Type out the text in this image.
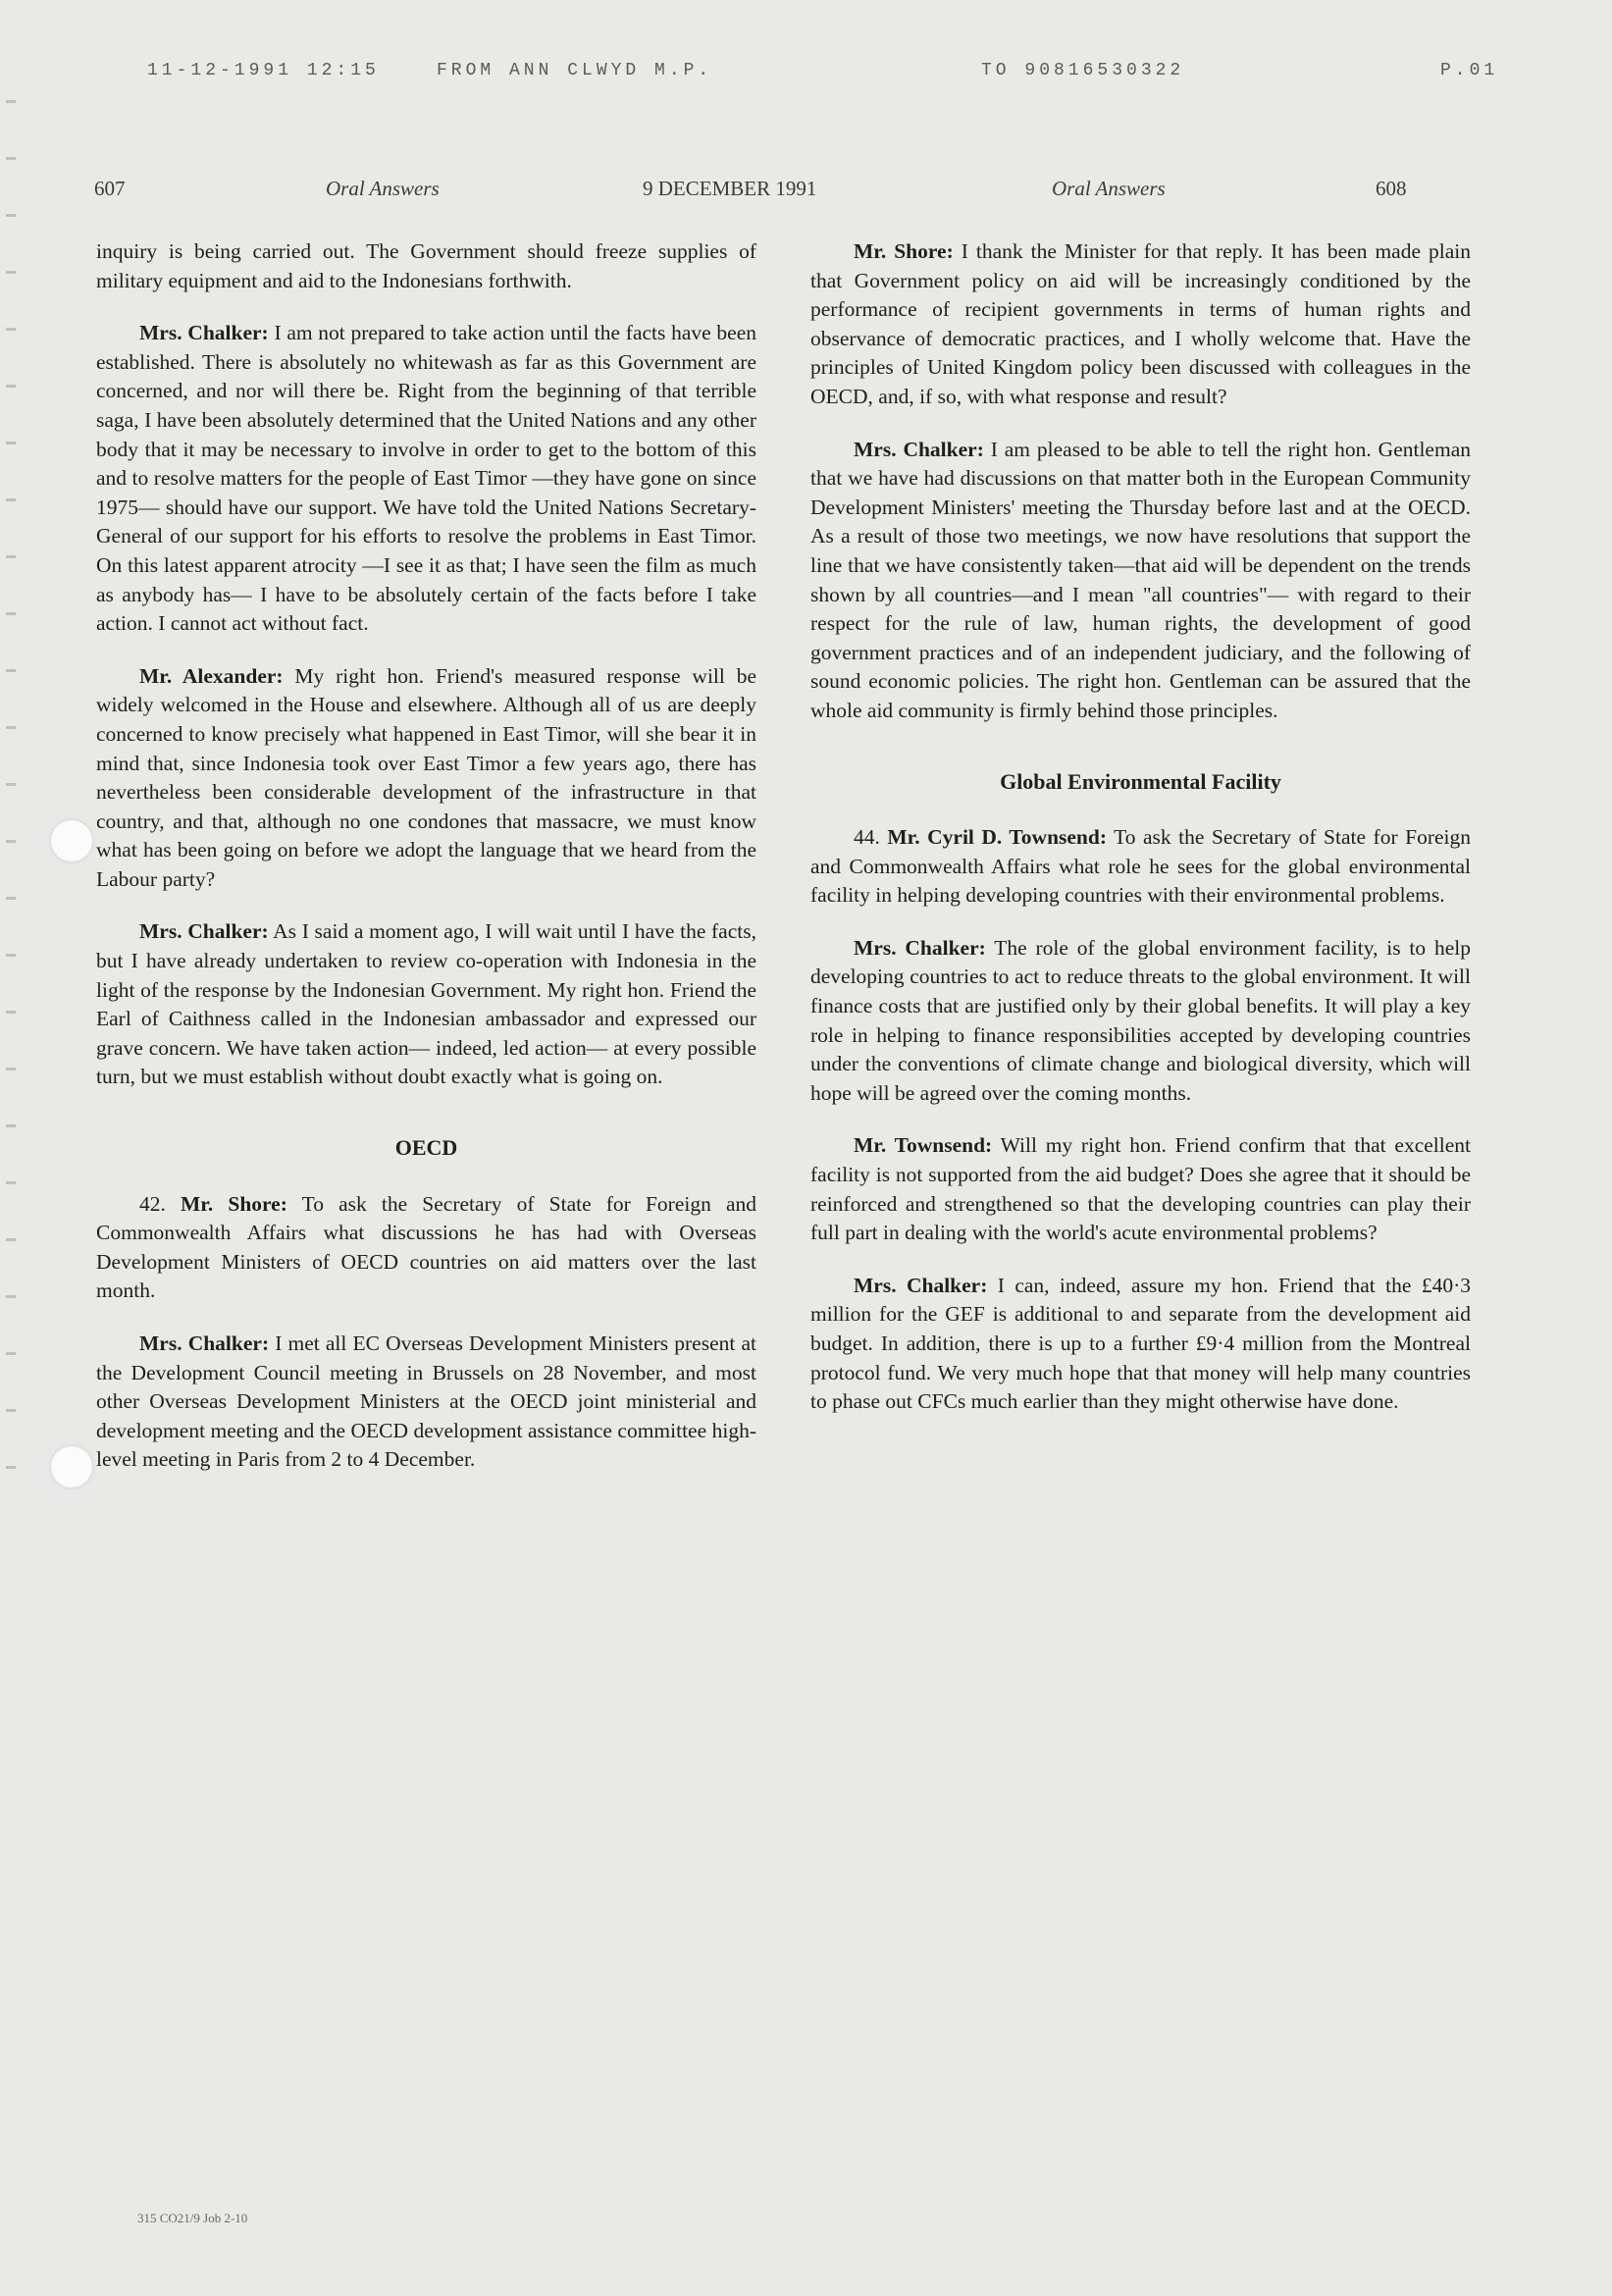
11-12-1991 12:15	FROM ANN CLWYD M.P.	TO 90816530322	P.01
607	Oral Answers	9 DECEMBER 1991	Oral Answers	608

inquiry is being carried out. The Government should freeze supplies of military equipment and aid to the Indonesians forthwith.

Mrs. Chalker: I am not prepared to take action until the facts have been established. There is absolutely no whitewash as far as this Government are concerned, and nor will there be. Right from the beginning of that terrible saga, I have been absolutely determined that the United Nations and any other body that it may be necessary to involve in order to get to the bottom of this and to resolve matters for the people of East Timor —they have gone on since 1975— should have our support. We have told the United Nations Secretary-General of our support for his efforts to resolve the problems in East Timor. On this latest apparent atrocity —I see it as that; I have seen the film as much as anybody has— I have to be absolutely certain of the facts before I take action. I cannot act without fact.

Mr. Alexander: My right hon. Friend's measured response will be widely welcomed in the House and elsewhere. Although all of us are deeply concerned to know precisely what happened in East Timor, will she bear it in mind that, since Indonesia took over East Timor a few years ago, there has nevertheless been considerable development of the infrastructure in that country, and that, although no one condones that massacre, we must know what has been going on before we adopt the language that we heard from the Labour party?

Mrs. Chalker: As I said a moment ago, I will wait until I have the facts, but I have already undertaken to review co-operation with Indonesia in the light of the response by the Indonesian Government. My right hon. Friend the Earl of Caithness called in the Indonesian ambassador and expressed our grave concern. We have taken action— indeed, led action— at every possible turn, but we must establish without doubt exactly what is going on.

OECD

42. Mr. Shore: To ask the Secretary of State for Foreign and Commonwealth Affairs what discussions he has had with Overseas Development Ministers of OECD countries on aid matters over the last month.

Mrs. Chalker: I met all EC Overseas Development Ministers present at the Development Council meeting in Brussels on 28 November, and most other Overseas Development Ministers at the OECD joint ministerial and development meeting and the OECD development assistance committee high-level meeting in Paris from 2 to 4 December.

Mr. Shore: I thank the Minister for that reply. It has been made plain that Government policy on aid will be increasingly conditioned by the performance of recipient governments in terms of human rights and observance of democratic practices, and I wholly welcome that. Have the principles of United Kingdom policy been discussed with colleagues in the OECD, and, if so, with what response and result?

Mrs. Chalker: I am pleased to be able to tell the right hon. Gentleman that we have had discussions on that matter both in the European Community Development Ministers' meeting the Thursday before last and at the OECD. As a result of those two meetings, we now have resolutions that support the line that we have consistently taken—that aid will be dependent on the trends shown by all countries—and I mean "all countries"— with regard to their respect for the rule of law, human rights, the development of good government practices and of an independent judiciary, and the following of sound economic policies. The right hon. Gentleman can be assured that the whole aid community is firmly behind those principles.

Global Environmental Facility

44. Mr. Cyril D. Townsend: To ask the Secretary of State for Foreign and Commonwealth Affairs what role he sees for the global environmental facility in helping developing countries with their environmental problems.

Mrs. Chalker: The role of the global environment facility, is to help developing countries to act to reduce threats to the global environment. It will finance costs that are justified only by their global benefits. It will play a key role in helping to finance responsibilities accepted by developing countries under the conventions of climate change and biological diversity, which will hope will be agreed over the coming months.

Mr. Townsend: Will my right hon. Friend confirm that that excellent facility is not supported from the aid budget? Does she agree that it should be reinforced and strengthened so that the developing countries can play their full part in dealing with the world's acute environmental problems?

Mrs. Chalker: I can, indeed, assure my hon. Friend that the £40·3 million for the GEF is additional to and separate from the development aid budget. In addition, there is up to a further £9·4 million from the Montreal protocol fund. We very much hope that that money will help many countries to phase out CFCs much earlier than they might otherwise have done.

315 CO21/9 Job 2-10
